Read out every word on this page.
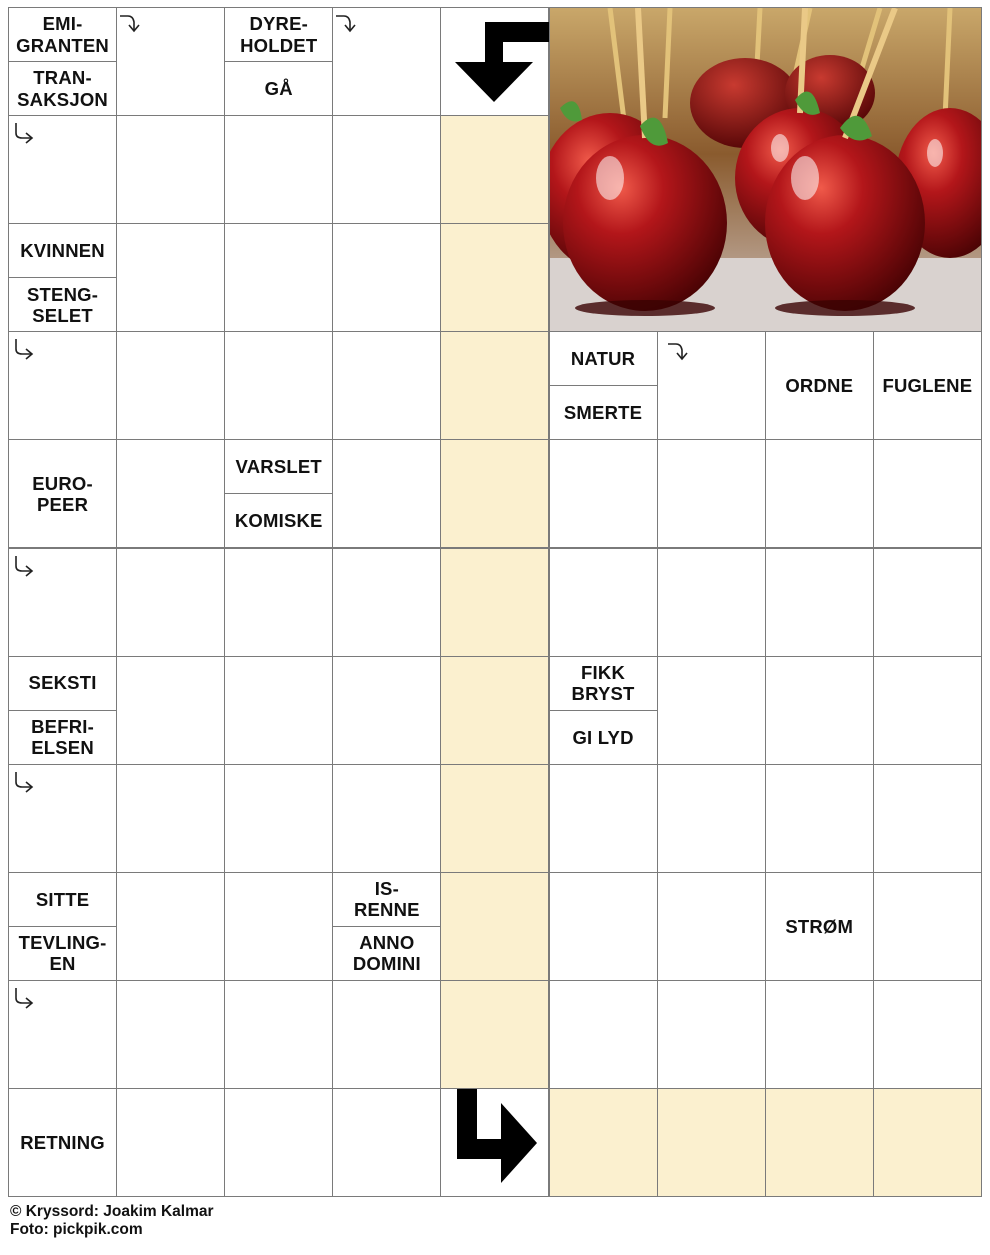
EMI-
GRANTEN
TRAN-
SAKSJON
DYRE-
HOLDET
GÅ
KVINNEN
STENG-
SELET
NATUR
SMERTE
ORDNE FUGLENE
EURO-
PEER
VARSLET
KOMISKE
SEKSTI
BEFRI-
ELSEN
FIKK
BRYST
GI LYD
SITTE
TEVLING-
EN
IS-
RENNE
ANNO
DOMINI
STRØM
RETNING
© Kryssord: Joakim Kalmar
Foto: pickpik.com
